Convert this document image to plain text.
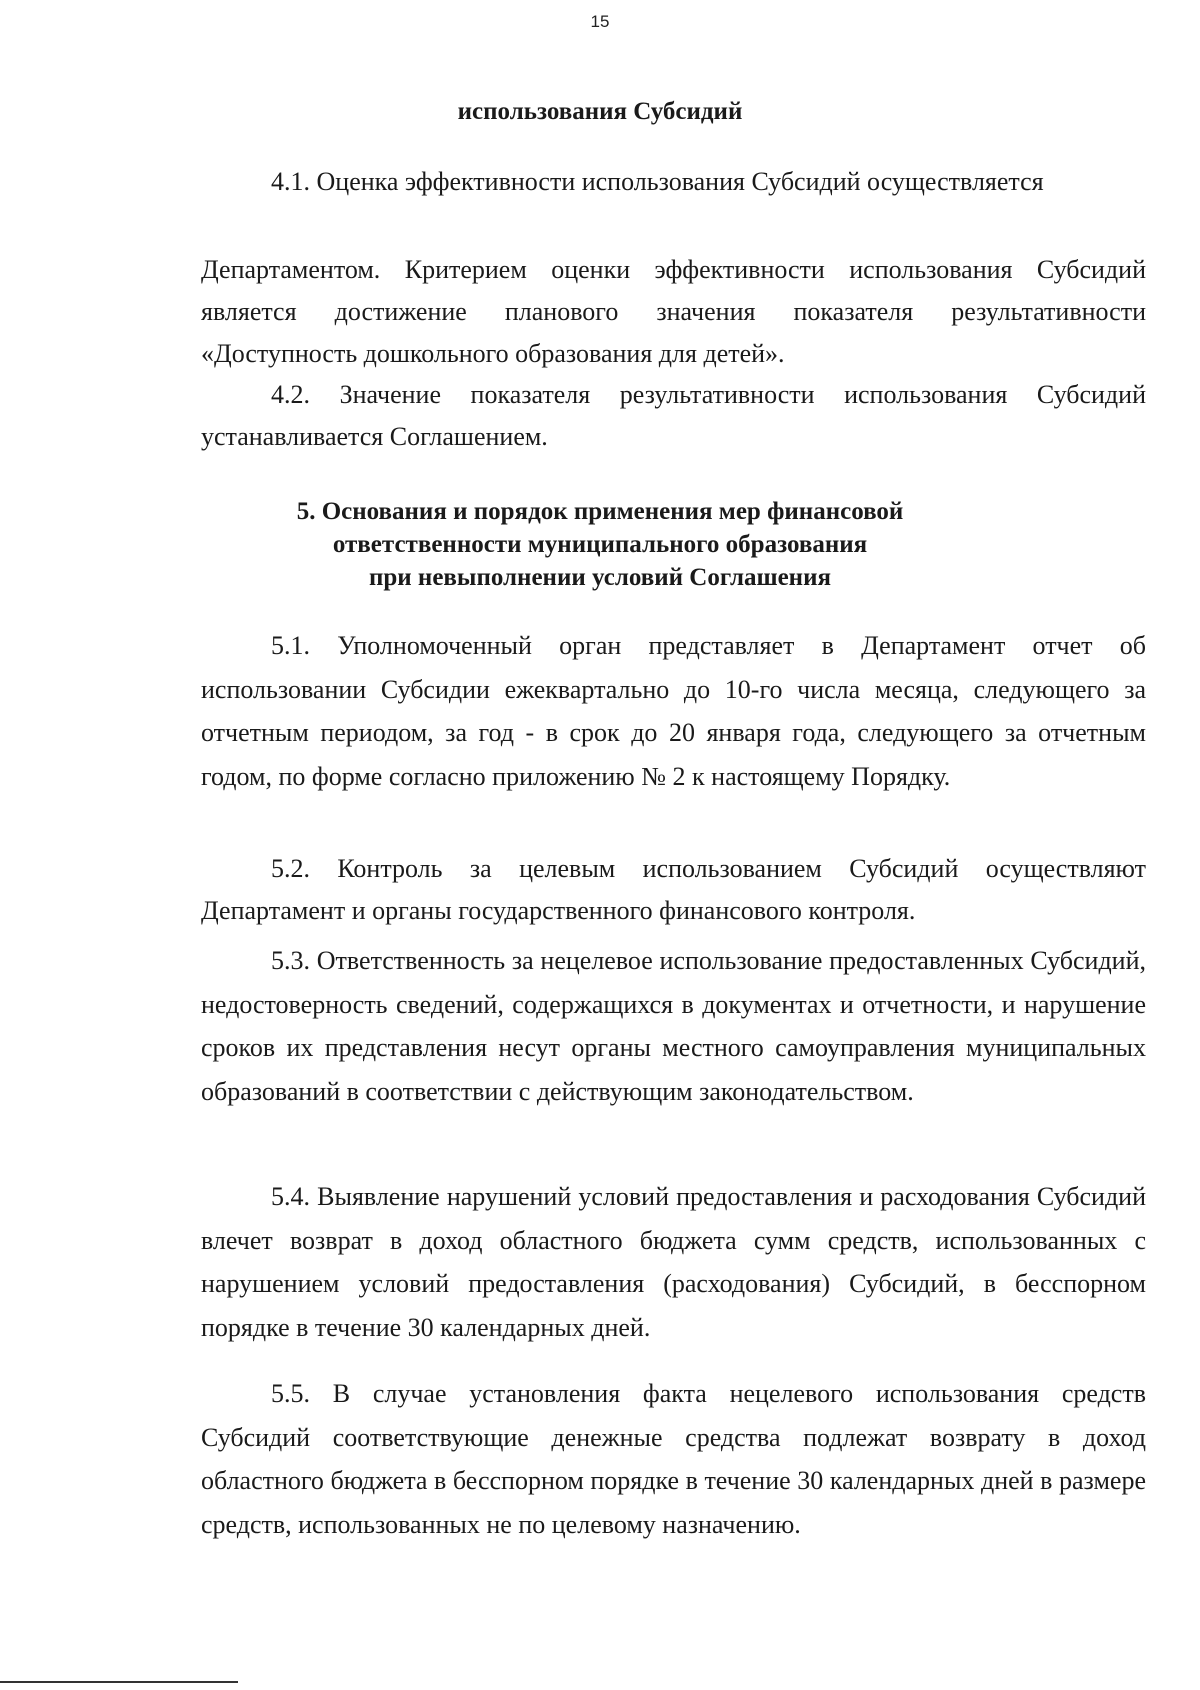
15
использования Субсидий

4.1. Оценка эффективности использования Субсидий осуществляется

Департаментом. Критерием оценки эффективности использования Субсидий является достижение планового значения показателя результативности «Доступность дошкольного образования для детей».

4.2. Значение показателя результативности использования Субсидий устанавливается Соглашением.

5. Основания и порядок применения мер финансовой
ответственности муниципального образования
при невыполнении условий Соглашения

5.1. Уполномоченный орган представляет в Департамент отчет об использовании Субсидии ежеквартально до 10-го числа месяца, следующего за отчетным периодом, за год - в срок до 20 января года, следующего за отчетным годом, по форме согласно приложению № 2 к настоящему Порядку.

5.2. Контроль за целевым использованием Субсидий осуществляют Департамент и органы государственного финансового контроля.

5.3. Ответственность за нецелевое использование предоставленных Субсидий, недостоверность сведений, содержащихся в документах и отчетности, и нарушение сроков их представления несут органы местного самоуправления муниципальных образований в соответствии с действующим законодательством.

5.4. Выявление нарушений условий предоставления и расходования Субсидий влечет возврат в доход областного бюджета сумм средств, использованных с нарушением условий предоставления (расходования) Субсидий, в бесспорном порядке в течение 30 календарных дней.

5.5. В случае установления факта нецелевого использования средств Субсидий соответствующие денежные средства подлежат возврату в доход областного бюджета в бесспорном порядке в течение 30 календарных дней в размере средств, использованных не по целевому назначению.
